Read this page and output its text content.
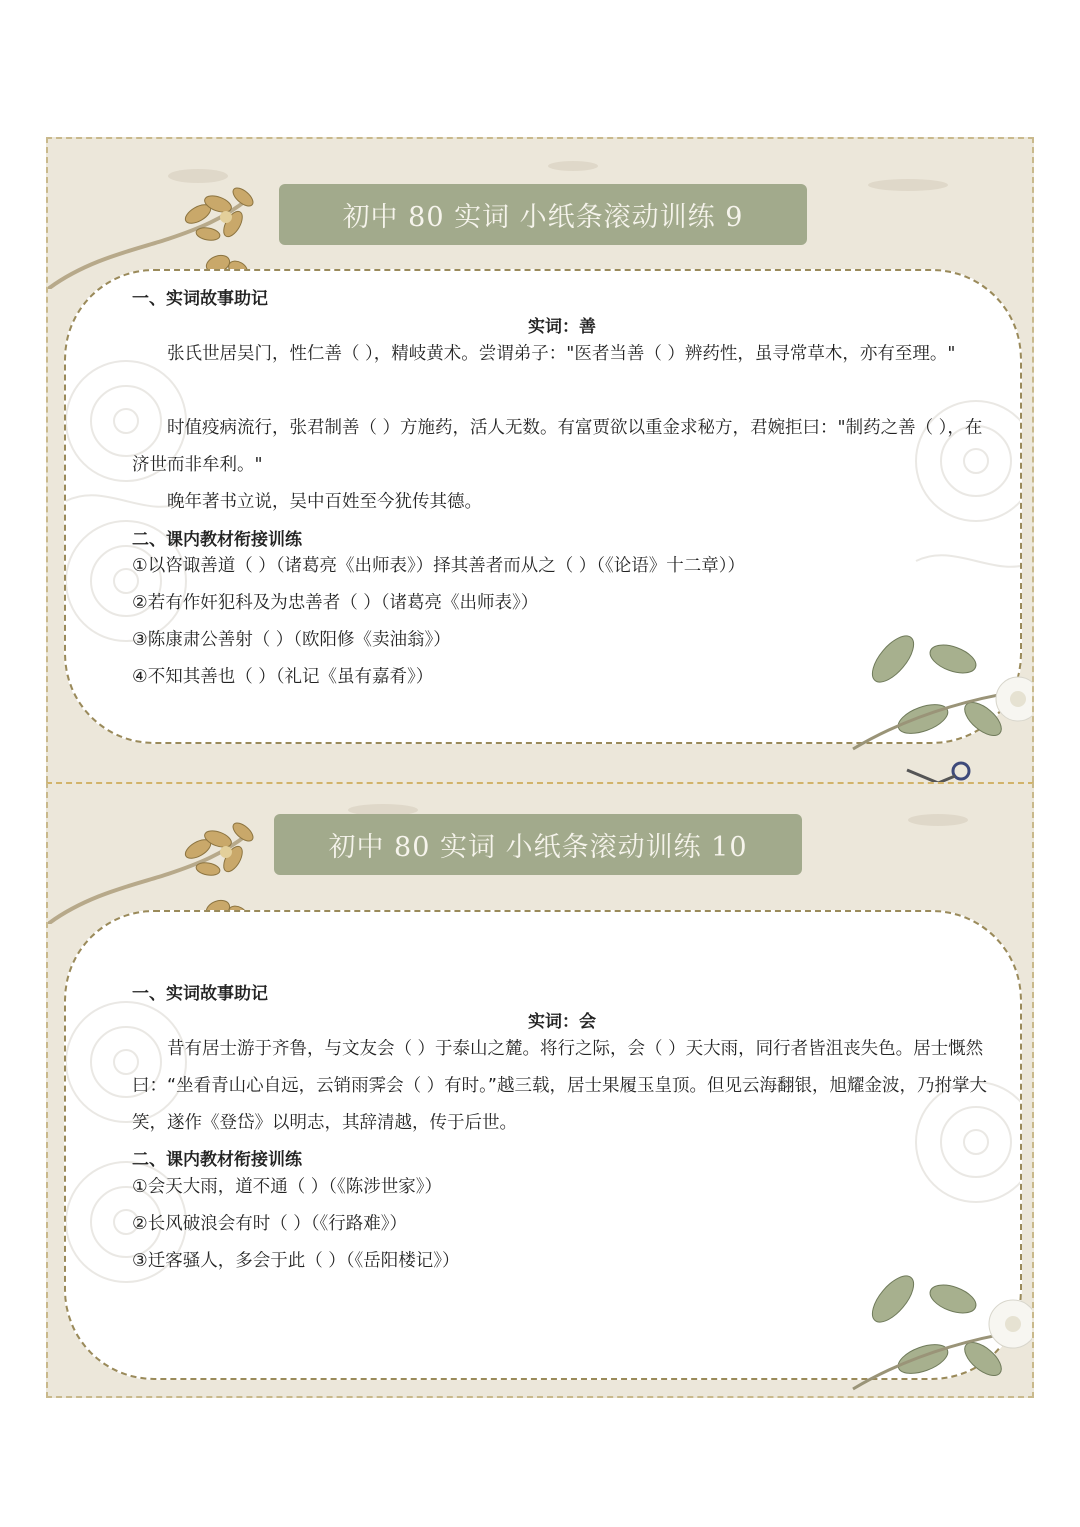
初中 80 实词 小纸条滚动训练 9
初中 80 实词 小纸条滚动训练 10
一、实词故事助记
实词：善
张氏世居吴门，性仁善（ ），精岐黄术。尝谓弟子："医者当善（ ）辨药性，虽寻常草木，亦有至理。"
时值疫病流行，张君制善（ ）方施药，活人无数。有富贾欲以重金求秘方，君婉拒曰："制药之善（ ），在济世而非牟利。"
晚年著书立说，吴中百姓至今犹传其德。
二、课内教材衔接训练
①以咨诹善道（ ）（诸葛亮《出师表》）择其善者而从之（ ）（《论语》十二章））
②若有作奸犯科及为忠善者（ ）（诸葛亮《出师表》）
③陈康肃公善射（ ）（欧阳修《卖油翁》）
④不知其善也（ ）（礼记《虽有嘉肴》）
一、实词故事助记
实词：会
昔有居士游于齐鲁，与文友会（ ）于泰山之麓。将行之际，会（ ）天大雨，同行者皆沮丧失色。居士慨然曰：“坐看青山心自远，云销雨霁会（ ）有时。”越三载，居士果履玉皇顶。但见云海翻银，旭耀金波，乃拊掌大笑，遂作《登岱》以明志，其辞清越，传于后世。
二、课内教材衔接训练
①会天大雨，道不通（ ）（《陈涉世家》）
②长风破浪会有时（ ）（《行路难》）
③迁客骚人，多会于此（ ）（《岳阳楼记》）
